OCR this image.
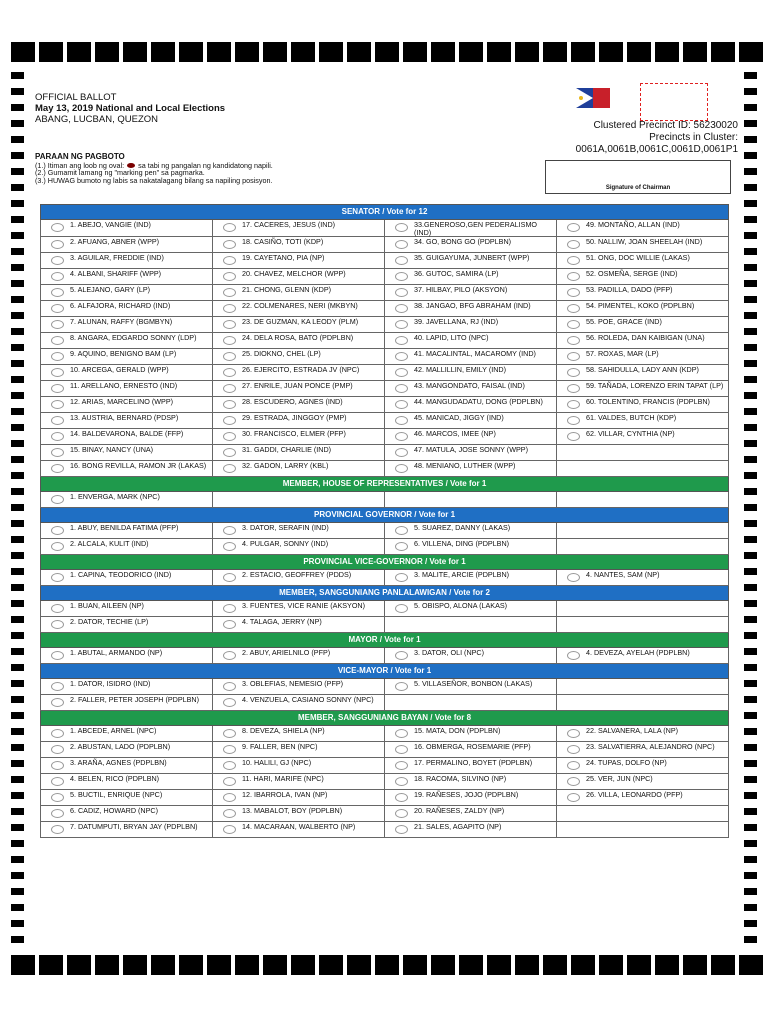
OFFICIAL BALLOT
May 13, 2019 National and Local Elections
ABANG, LUCBAN, QUEZON
Clustered Precinct ID: 56230020
Precincts in Cluster:
0061A,0061B,0061C,0061D,0061P1
PARAAN NG PAGBOTO
(1.) Itiman ang loob ng oval: sa tabi ng pangalan ng kandidatong napili.
(2.) Gumamit lamang ng "marking pen" sa pagmarka.
(3.) HUWAG bumoto ng labis sa nakatalagang bilang sa napiling posisyon.
Signature of Chairman
SENATOR / Vote for 12			

1. ABEJO, VANGIE (IND)	17. CACERES, JESUS (IND)	33.GENEROSO,GEN PEDERALISMO (IND)	49. MONTAÑO, ALLAN (IND)

2. AFUANG, ABNER (WPP)	18. CASIÑO, TOTI (KDP)	34. GO, BONG GO (PDPLBN)	50. NALLIW, JOAN SHEELAH (IND)

3. AGUILAR, FREDDIE (IND)	19. CAYETANO, PIA (NP)	35. GUIGAYUMA, JUNBERT (WPP)	51. ONG, DOC WILLIE (LAKAS)

4. ALBANI, SHARIFF (WPP)	20. CHAVEZ, MELCHOR (WPP)	36. GUTOC, SAMIRA (LP)	52. OSMEÑA, SERGE (IND)

5. ALEJANO, GARY (LP)	21. CHONG, GLENN (KDP)	37. HILBAY, PILO (AKSYON)	53. PADILLA, DADO (PFP)

6. ALFAJORA, RICHARD (IND)	22. COLMENARES, NERI (MKBYN)	38. JANGAO, BFG ABRAHAM (IND)	54. PIMENTEL, KOKO (PDPLBN)

7. ALUNAN, RAFFY (BGMBYN)	23. DE GUZMAN, KA LEODY (PLM)	39. JAVELLANA, RJ (IND)	55. POE, GRACE (IND)

8. ANGARA, EDGARDO SONNY (LDP)	24. DELA ROSA, BATO (PDPLBN)	40. LAPID, LITO (NPC)	56. ROLEDA, DAN KAIBIGAN (UNA)

9. AQUINO, BENIGNO BAM (LP)	25. DIOKNO, CHEL (LP)	41. MACALINTAL, MACAROMY (IND)	57. ROXAS, MAR (LP)

10. ARCEGA, GERALD (WPP)	26. EJERCITO, ESTRADA JV (NPC)	42. MALLILLIN, EMILY (IND)	58. SAHIDULLA, LADY ANN (KDP)

11. ARELLANO, ERNESTO (IND)	27. ENRILE, JUAN PONCE (PMP)	43. MANGONDATO, FAISAL (IND)	59. TAÑADA, LORENZO ERIN TAPAT (LP)

12. ARIAS, MARCELINO (WPP)	28. ESCUDERO, AGNES (IND)	44. MANGUDADATU, DONG (PDPLBN)	60. TOLENTINO, FRANCIS (PDPLBN)

13. AUSTRIA, BERNARD (PDSP)	29. ESTRADA, JINGGOY (PMP)	45. MANICAD, JIGGY (IND)	61. VALDES, BUTCH (KDP)

14. BALDEVARONA, BALDE (FFP)	30. FRANCISCO, ELMER (PFP)	46. MARCOS, IMEE (NP)	62. VILLAR, CYNTHIA (NP)

15. BINAY, NANCY (UNA)	31. GADDI, CHARLIE (IND)	47. MATULA, JOSE SONNY (WPP)	

16. BONG REVILLA, RAMON JR (LAKAS)	32. GADON, LARRY (KBL)	48. MENIANO, LUTHER (WPP)	

MEMBER, HOUSE OF REPRESENTATIVES / Vote for 1			

1. ENVERGA, MARK (NPC)			

PROVINCIAL GOVERNOR / Vote for 1			

1. ABUY, BENILDA FATIMA (PFP)	3. DATOR, SERAFIN (IND)	5. SUAREZ, DANNY (LAKAS)	

2. ALCALA, KULIT (IND)	4. PULGAR, SONNY (IND)	6. VILLENA, DING (PDPLBN)	

PROVINCIAL VICE-GOVERNOR / Vote for 1			

1. CAPINA, TEODORICO (IND)	2. ESTACIO, GEOFFREY (PDDS)	3. MALITE, ARCIE (PDPLBN)	4. NANTES, SAM (NP)

MEMBER, SANGGUNIANG PANLALAWIGAN / Vote for 2			

1. BUAN, AILEEN (NP)	3. FUENTES, VICE RANIE (AKSYON)	5. OBISPO, ALONA (LAKAS)	

2. DATOR, TECHIE (LP)	4. TALAGA, JERRY (NP)		

MAYOR / Vote for 1			

1. ABUTAL, ARMANDO (NP)	2. ABUY, ARIELNILO (PFP)	3. DATOR, OLI (NPC)	4. DEVEZA, AYELAH (PDPLBN)

VICE-MAYOR / Vote for 1			

1. DATOR, ISIDRO (IND)	3. OBLEFIAS, NEMESIO (PFP)	5. VILLASEÑOR, BONBON (LAKAS)	

2. FALLER, PETER JOSEPH (PDPLBN)	4. VENZUELA, CASIANO SONNY (NPC)		

MEMBER, SANGGUNIANG BAYAN / Vote for 8			

1. ABCEDE, ARNEL (NPC)	8. DEVEZA, SHIELA (NP)	15. MATA, DON (PDPLBN)	22. SALVANERA, LALA (NP)

2. ABUSTAN, LADO (PDPLBN)	9. FALLER, BEN (NPC)	16. OBMERGA, ROSEMARIE (PFP)	23. SALVATIERRA, ALEJANDRO (NPC)

3. ARAÑA, AGNES (PDPLBN)	10. HALILI, GJ (NPC)	17. PERMALINO, BOYET (PDPLBN)	24. TUPAS, DOLFO (NP)

4. BELEN, RICO (PDPLBN)	11. HARI, MARIFE (NPC)	18. RACOMA, SILVINO (NP)	25. VER, JUN (NPC)

5. BUCTIL, ENRIQUE (NPC)	12. IBARROLA, IVAN (NP)	19. RAÑESES, JOJO (PDPLBN)	26. VILLA, LEONARDO (PFP)

6. CADIZ, HOWARD (NPC)	13. MABALOT, BOY (PDPLBN)	20. RAÑESES, ZALDY (NP)	

7. DATUMPUTI, BRYAN JAY (PDPLBN)	14. MACARAAN, WALBERTO (NP)	21. SALES, AGAPITO (NP)	
